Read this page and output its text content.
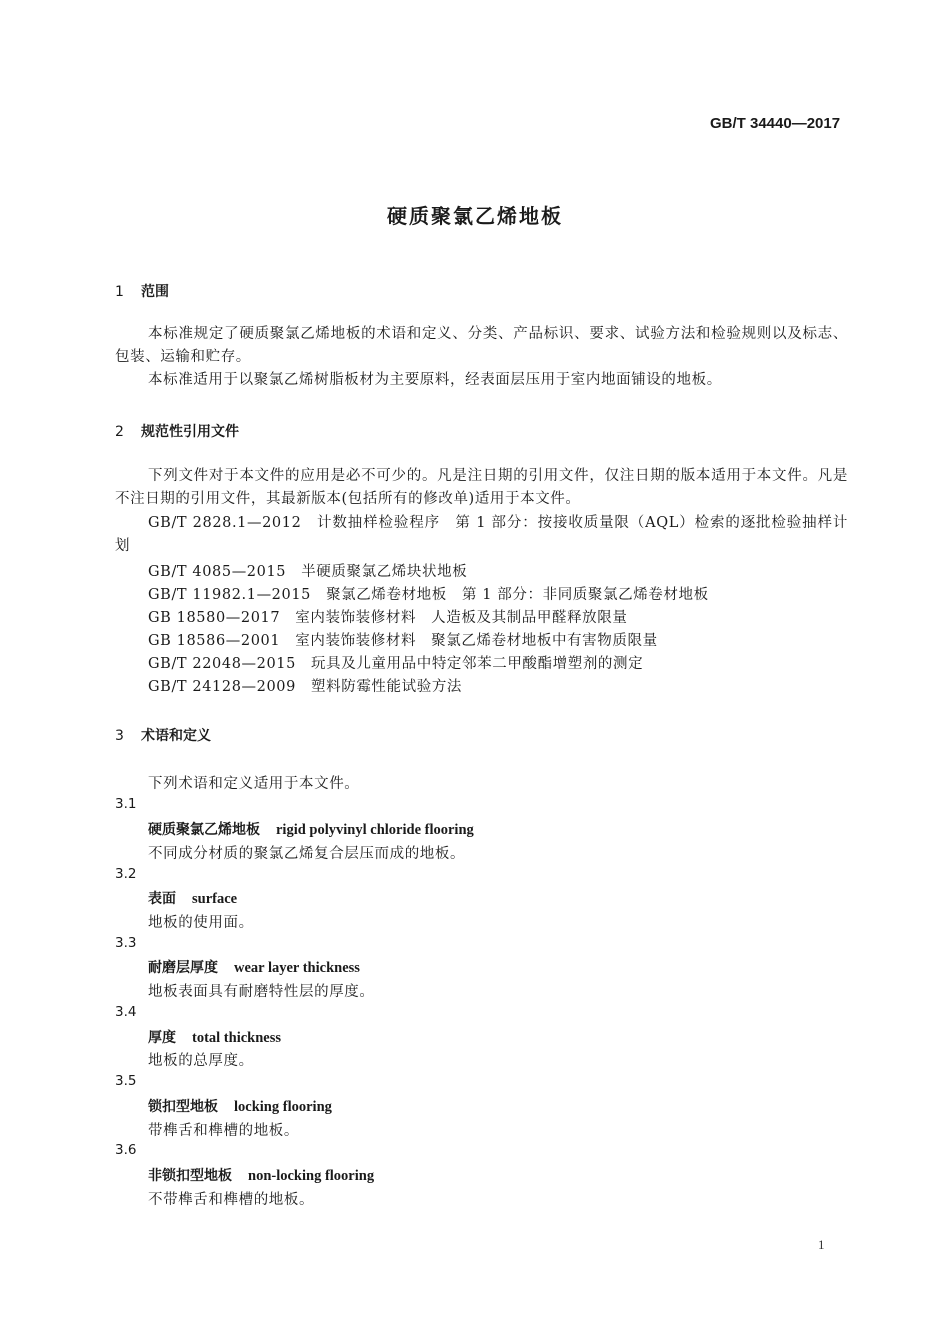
GB/T 34440—2017
硬质聚氯乙烯地板
1 范围
本标准规定了硬质聚氯乙烯地板的术语和定义、分类、产品标识、要求、试验方法和检验规则以及标志、包装、运输和贮存。
本标准适用于以聚氯乙烯树脂板材为主要原料，经表面层压用于室内地面铺设的地板。
2 规范性引用文件
下列文件对于本文件的应用是必不可少的。凡是注日期的引用文件，仅注日期的版本适用于本文件。凡是不注日期的引用文件，其最新版本(包括所有的修改单)适用于本文件。
GB/T 2828.1—2012　计数抽样检验程序　第 1 部分：按接收质量限（AQL）检索的逐批检验抽样计划
GB/T 4085—2015　半硬质聚氯乙烯块状地板
GB/T 11982.1—2015　聚氯乙烯卷材地板　第 1 部分：非同质聚氯乙烯卷材地板
GB 18580—2017　室内装饰装修材料　人造板及其制品甲醛释放限量
GB 18586—2001　室内装饰装修材料　聚氯乙烯卷材地板中有害物质限量
GB/T 22048—2015　玩具及儿童用品中特定邻苯二甲酸酯增塑剂的测定
GB/T 24128—2009　塑料防霉性能试验方法
3 术语和定义
下列术语和定义适用于本文件。
3.1
硬质聚氯乙烯地板 rigid polyvinyl chloride flooring
不同成分材质的聚氯乙烯复合层压而成的地板。
3.2
表面 surface
地板的使用面。
3.3
耐磨层厚度 wear layer thickness
地板表面具有耐磨特性层的厚度。
3.4
厚度 total thickness
地板的总厚度。
3.5
锁扣型地板 locking flooring
带榫舌和榫槽的地板。
3.6
非锁扣型地板 non-locking flooring
不带榫舌和榫槽的地板。
1
